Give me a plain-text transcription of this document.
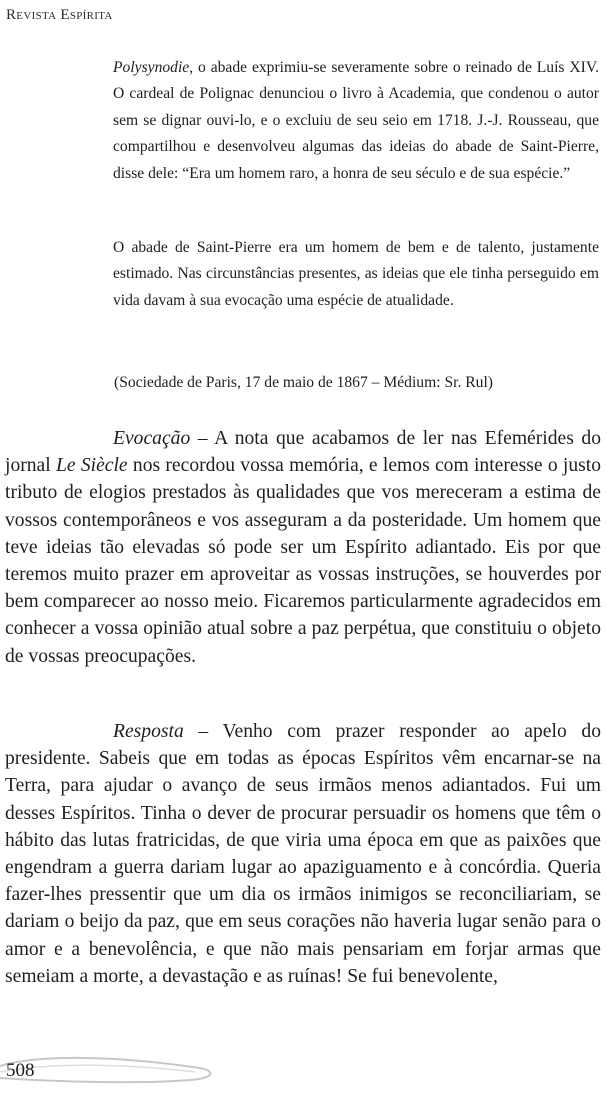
Revista Espírita
Polysynodie, o abade exprimiu-se severamente sobre o reinado de Luís XIV. O cardeal de Polignac denunciou o livro à Academia, que condenou o autor sem se dignar ouvi-lo, e o excluiu de seu seio em 1718. J.-J. Rousseau, que compartilhou e desenvolveu algumas das ideias do abade de Saint-Pierre, disse dele: “Era um homem raro, a honra de seu século e de sua espécie.”
O abade de Saint-Pierre era um homem de bem e de talento, justamente estimado. Nas circunstâncias presentes, as ideias que ele tinha perseguido em vida davam à sua evocação uma espécie de atualidade.
(Sociedade de Paris, 17 de maio de 1867 – Médium: Sr. Rul)
Evocação – A nota que acabamos de ler nas Efemérides do jornal Le Siècle nos recordou vossa memória, e lemos com interesse o justo tributo de elogios prestados às qualidades que vos mereceram a estima de vossos contemporâneos e vos asseguram a da posteridade. Um homem que teve ideias tão elevadas só pode ser um Espírito adiantado. Eis por que teremos muito prazer em aproveitar as vossas instruções, se houverdes por bem comparecer ao nosso meio. Ficaremos particularmente agradecidos em conhecer a vossa opinião atual sobre a paz perpétua, que constituiu o objeto de vossas preocupações.
Resposta – Venho com prazer responder ao apelo do presidente. Sabeis que em todas as épocas Espíritos vêm encarnar-se na Terra, para ajudar o avanço de seus irmãos menos adiantados. Fui um desses Espíritos. Tinha o dever de procurar persuadir os homens que têm o hábito das lutas fratricidas, de que viria uma época em que as paixões que engendram a guerra dariam lugar ao apaziguamento e à concórdia. Queria fazer-lhes pressentir que um dia os irmãos inimigos se reconciliariam, se dariam o beijo da paz, que em seus corações não haveria lugar senão para o amor e a benevolência, e que não mais pensariam em forjar armas que semeiam a morte, a devastação e as ruínas! Se fui benevolente,
508
